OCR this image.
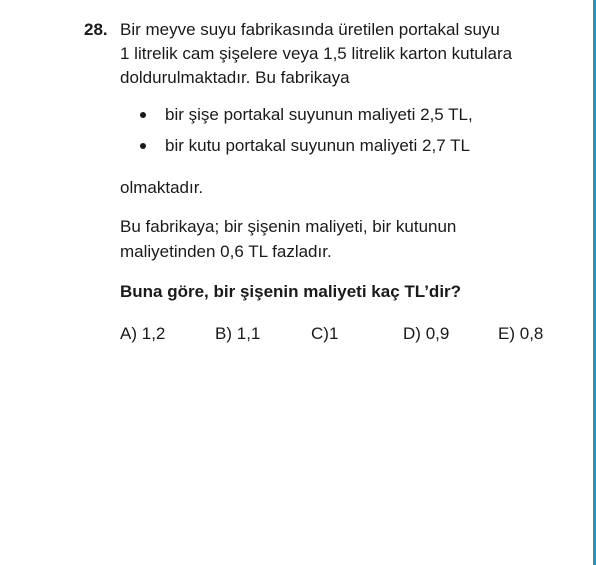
28. Bir meyve suyu fabrikasında üretilen portakal suyu
1 litrelik cam şişelere veya 1,5 litrelik karton kutulara
doldurulmaktadır. Bu fabrikaya
bir şişe portakal suyunun maliyeti 2,5 TL,
bir kutu portakal suyunun maliyeti 2,7 TL
olmaktadır.
Bu fabrikaya; bir şişenin maliyeti, bir kutunun
maliyetinden 0,6 TL fazladır.
Buna göre, bir şişenin maliyeti kaç TL’dir?
A) 1,2	B) 1,1	C)1	D) 0,9	E) 0,8
